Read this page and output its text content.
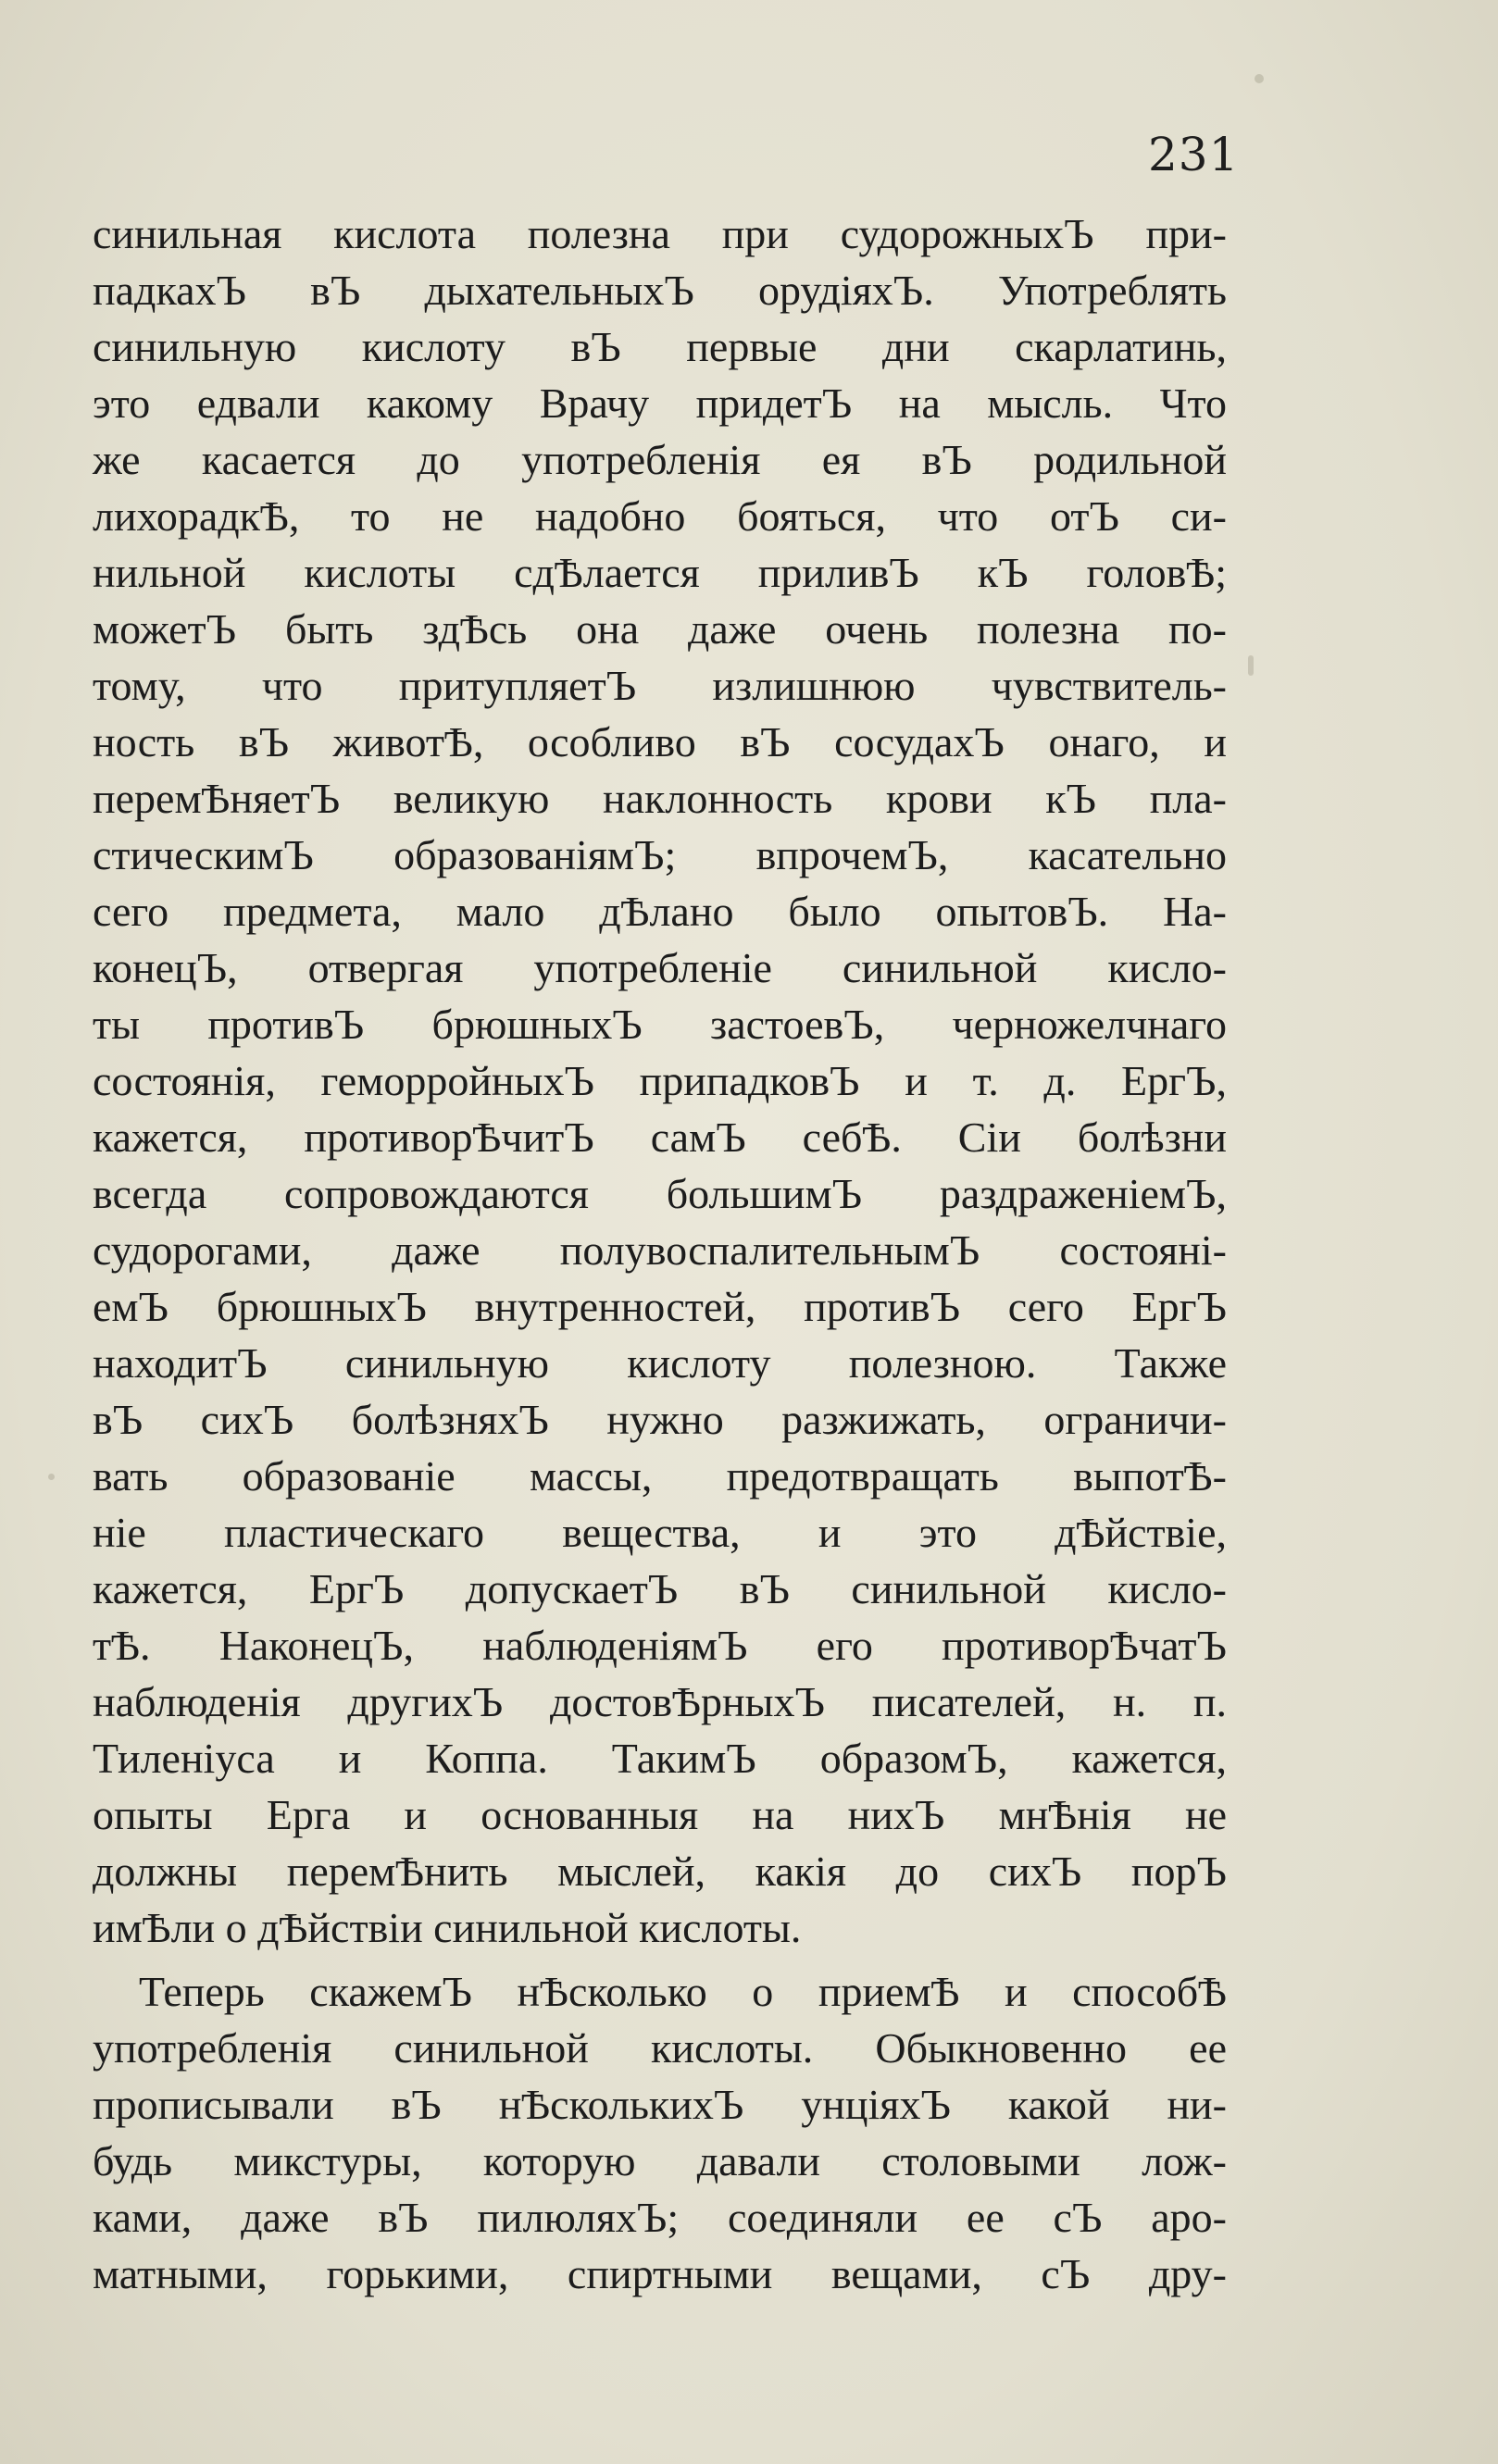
231
синильная кислота полезна при судорожныхЪ при-
падкахЪ вЪ дыхательныхЪ орудіяхЪ. Употреблять
синильную кислоту вЪ первые дни скарлатинь,
это едвали какому Врачу придетЪ на мысль. Что
же касается до употребленія ея вЪ родильной
лихорадкѢ, то не надобно бояться, что отЪ си-
нильной кислоты сдѢлается приливЪ кЪ головѢ;
можетЪ быть здѢсь она даже очень полезна по-
тому, что притупляетЪ излишнюю чувствитель-
ность вЪ животѢ, особливо вЪ сосудахЪ онаго, и
перемѢняетЪ великую наклонность крови кЪ пла-
стическимЪ образованіямЪ; впрочемЪ, касательно
сего предмета, мало дѢлано было опытовЪ. На-
конецЪ, отвергая употребленіе синильной кисло-
ты противЪ брюшныхЪ застоевЪ, черножелчнаго
состоянія, геморройныхЪ припадковЪ и т. д. ЕргЪ,
кажется, противорѢчитЪ самЪ себѢ. Сіи болѣзни
всегда сопровождаются большимЪ раздраженіемЪ,
судорогами, даже полувоспалительнымЪ состояні-
емЪ брюшныхЪ внутренностей, противЪ сего ЕргЪ
находитЪ синильную кислоту полезною. Также
вЪ сихЪ болѣзняхЪ нужно разжижать, ограничи-
вать образованіе массы, предотвращать выпотѢ-
ніе пластическаго вещества, и это дѢйствіе,
кажется, ЕргЪ допускаетЪ вЪ синильной кисло-
тѢ. НаконецЪ, наблюденіямЪ его противорѢчатЪ
наблюденія другихЪ достовѢрныхЪ писателей, н. п.
Тиленіуса и Коппа. ТакимЪ образомЪ, кажется,
опыты Ерга и основанныя на нихЪ мнѢнія не
должны перемѢнить мыслей, какія до сихЪ порЪ
имѢли о дѢйствіи синильной кислоты.
Теперь скажемЪ нѢсколько о приемѢ и способѢ
употребленія синильной кислоты. Обыкновенно ее
прописывали вЪ нѢсколькихЪ унціяхЪ какой ни-
будь микстуры, которую давали столовыми лож-
ками, даже вЪ пилюляхЪ; соединяли ее сЪ аро-
матными, горькими, спиртными вещами, сЪ дру-
